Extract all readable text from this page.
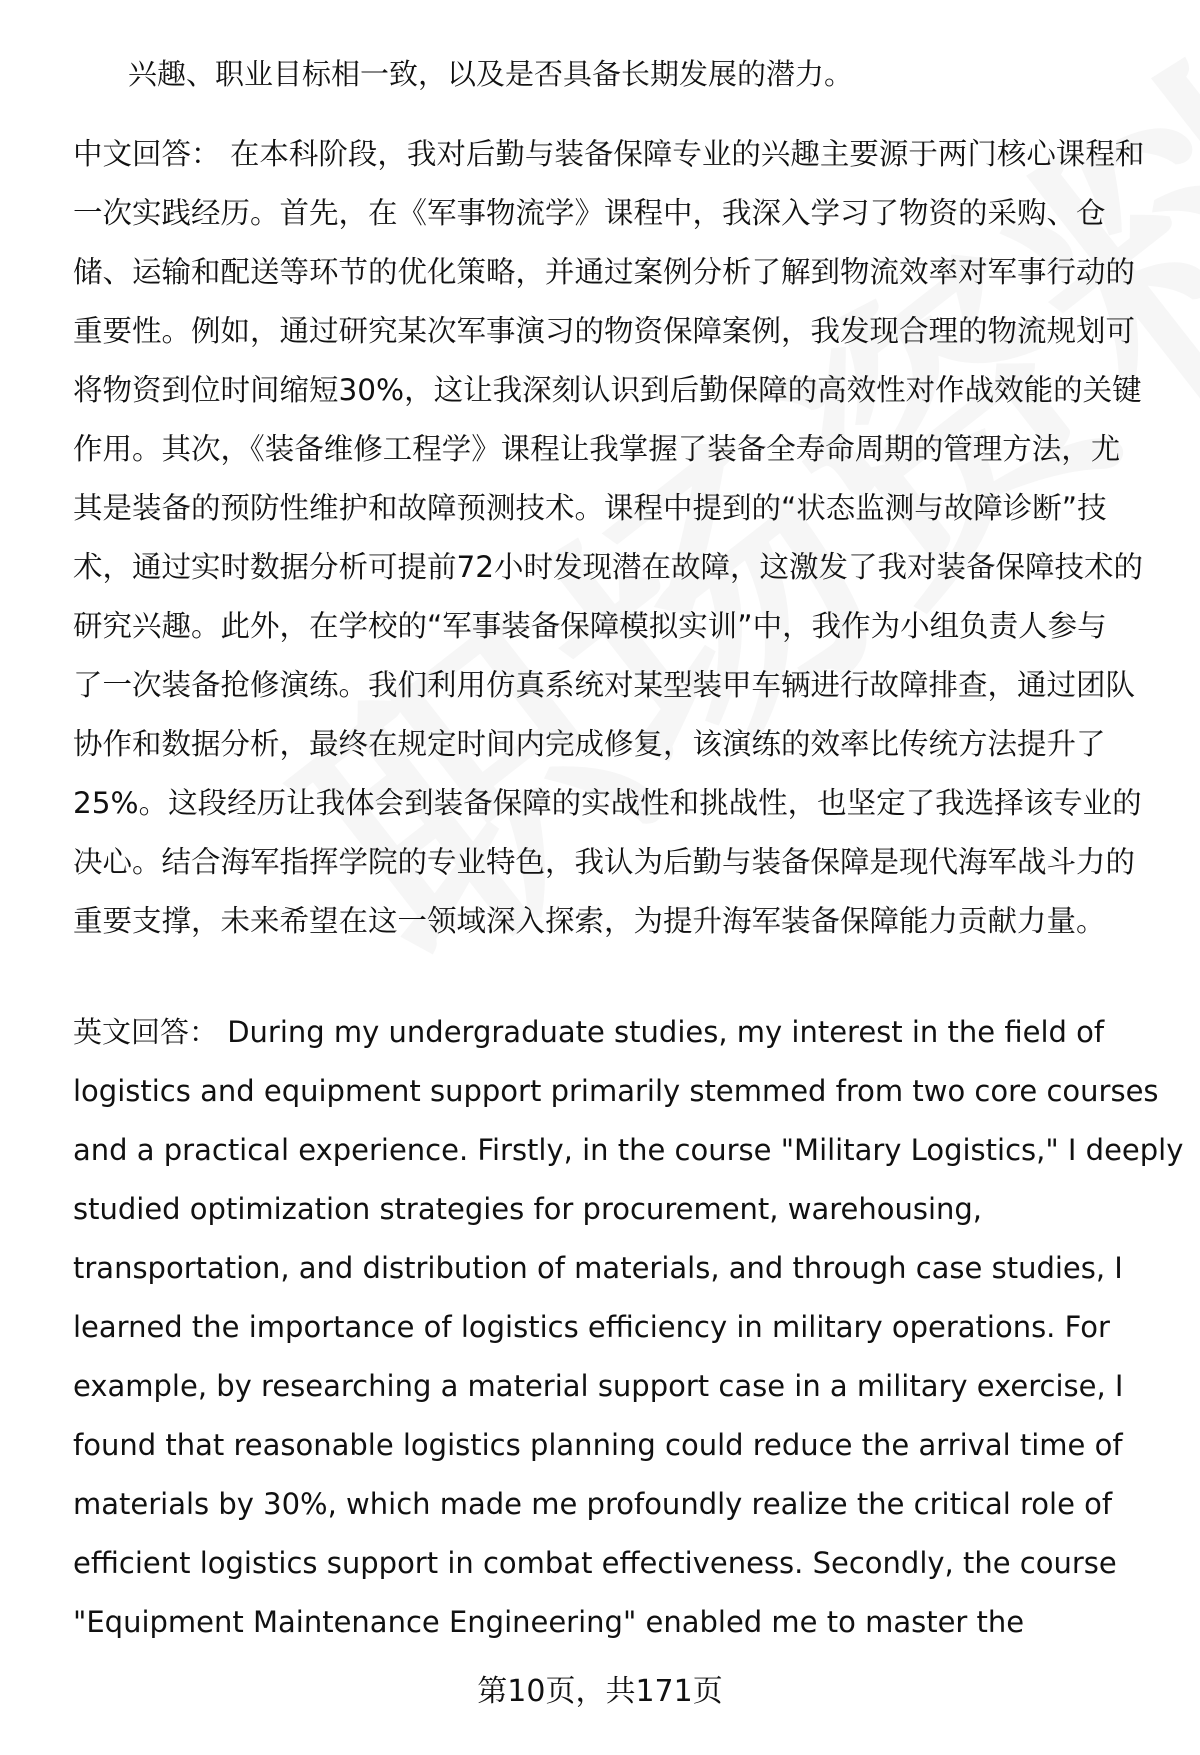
兴趣、职业目标相一致，以及是否具备长期发展的潜力。
中文回答： 在本科阶段，我对后勤与装备保障专业的兴趣主要源于两门核心课程和
一次实践经历。首先，在《军事物流学》课程中，我深入学习了物资的采购、仓
储、运输和配送等环节的优化策略，并通过案例分析了解到物流效率对军事行动的
重要性。例如，通过研究某次军事演习的物资保障案例，我发现合理的物流规划可
将物资到位时间缩短30%，这让我深刻认识到后勤保障的高效性对作战效能的关键
作用。其次，《装备维修工程学》课程让我掌握了装备全寿命周期的管理方法，尤
其是装备的预防性维护和故障预测技术。课程中提到的“状态监测与故障诊断”技
术，通过实时数据分析可提前72小时发现潜在故障，这激发了我对装备保障技术的
研究兴趣。此外，在学校的“军事装备保障模拟实训”中，我作为小组负责人参与
了一次装备抢修演练。我们利用仿真系统对某型装甲车辆进行故障排查，通过团队
协作和数据分析，最终在规定时间内完成修复，该演练的效率比传统方法提升了
25%。这段经历让我体会到装备保障的实战性和挑战性，也坚定了我选择该专业的
决心。结合海军指挥学院的专业特色，我认为后勤与装备保障是现代海军战斗力的
重要支撑，未来希望在这一领域深入探索，为提升海军装备保障能力贡献力量。
英文回答： During my undergraduate studies, my interest in the field of
logistics and equipment support primarily stemmed from two core courses
and a practical experience. Firstly, in the course "Military Logistics," I deeply
studied optimization strategies for procurement, warehousing,
transportation, and distribution of materials, and through case studies, I
learned the importance of logistics efficiency in military operations. For
example, by researching a material support case in a military exercise, I
found that reasonable logistics planning could reduce the arrival time of
materials by 30%, which made me profoundly realize the critical role of
efficient logistics support in combat effectiveness. Secondly, the course
"Equipment Maintenance Engineering" enabled me to master the
第10页，共171页
